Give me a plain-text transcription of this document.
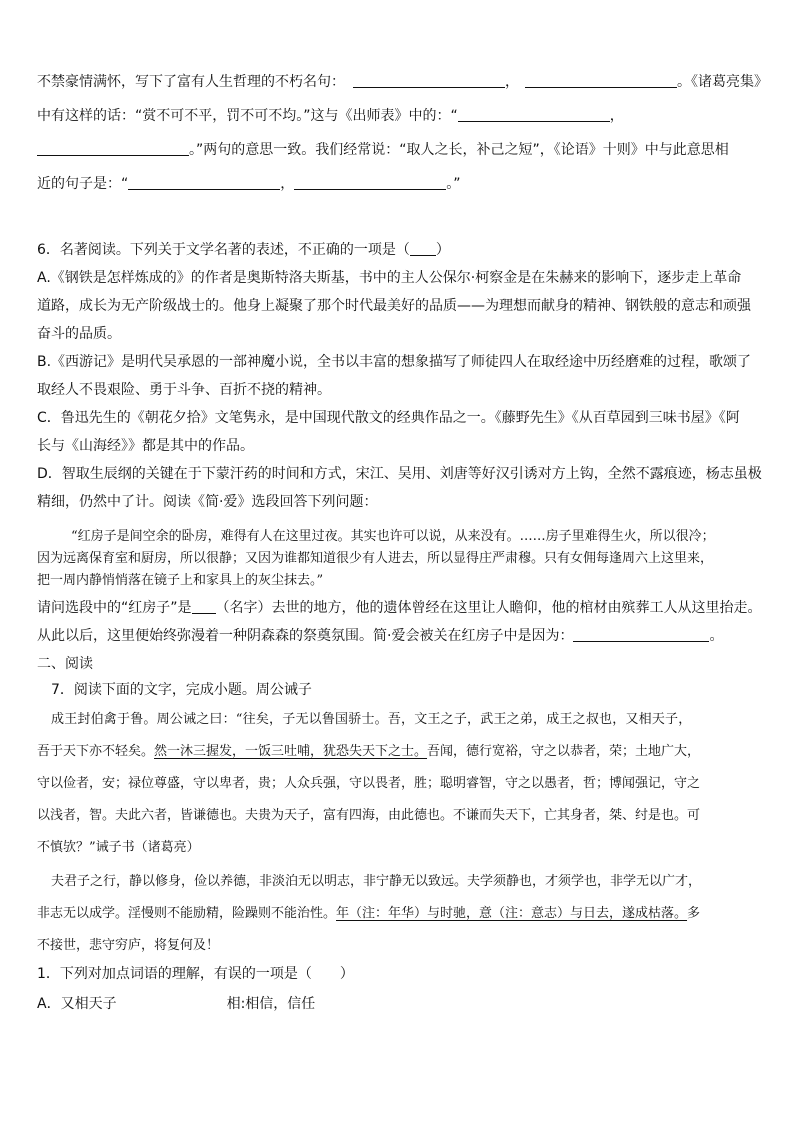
不禁豪情满怀，写下了富有人生哲理的不朽名句：	，	。《诸葛亮集》

中有这样的话：“赏不可不平，罚不可不均。”这与《出师表》中的：“	，

。”两句的意思一致。我们经常说：“取人之长，补己之短”，《论语》十则》中与此意思相

近的句子是：“	，	。”

6．名著阅读。下列关于文学名著的表述，不正确的一项是（ ）

A.《钢铁是怎样炼成的》的作者是奥斯特洛夫斯基，书中的主人公保尔·柯察金是在朱赫来的影响下，逐步走上革命

道路，成长为无产阶级战士的。他身上凝聚了那个时代最美好的品质——为理想而献身的精神、钢铁般的意志和顽强

奋斗的品质。

B.《西游记》是明代吴承恩的一部神魔小说，全书以丰富的想象描写了师徒四人在取经途中历经磨难的过程，歌颂了

取经人不畏艰险、勇于斗争、百折不挠的精神。

C．鲁迅先生的《朝花夕拾》文笔隽永，是中国现代散文的经典作品之一。《藤野先生》《从百草园到三味书屋》《阿

长与《山海经》》都是其中的作品。

D．智取生辰纲的关键在于下蒙汗药的时间和方式，宋江、吴用、刘唐等好汉引诱对方上钩，全然不露痕迹，杨志虽极

精细，仍然中了计。阅读《简·爱》选段回答下列问题：

“红房子是间空余的卧房，难得有人在这里过夜。其实也许可以说，从来没有。……房子里难得生火，所以很冷；

因为远离保育室和厨房，所以很静；又因为谁都知道很少有人进去，所以显得庄严肃穆。只有女佣每逢周六上这里来，

把一周内静悄悄落在镜子上和家具上的灰尘抹去。”

请问选段中的“红房子”是 （名字）去世的地方，他的遗体曾经在这里让人瞻仰，他的棺材由殡葬工人从这里抬走。

从此以后，这里便始终弥漫着一种阴森森的祭奠氛围。简·爱会被关在红房子中是因为：	。

二、阅读

7．阅读下面的文字，完成小题。周公诫子

成王封伯禽于鲁。周公诫之曰：“往矣，子无以鲁国骄士。吾，文王之子，武王之弟，成王之叔也，又相天子，

吾于天下亦不轻矣。然一沐三握发，一饭三吐哺，犹恐失天下之士。吾闻，德行宽裕，守之以恭者，荣；土地广大，

守以俭者，安；禄位尊盛，守以卑者，贵；人众兵强，守以畏者，胜；聪明睿智，守之以愚者，哲；博闻强记，守之

以浅者，智。夫此六者，皆谦德也。夫贵为天子，富有四海，由此德也。不谦而失天下，亡其身者，桀、纣是也。可

不慎欤？”诫子书（诸葛亮）

夫君子之行，静以修身，俭以养德，非淡泊无以明志，非宁静无以致远。夫学须静也，才须学也，非学无以广才，

非志无以成学。淫慢则不能励精，险躁则不能治性。年（注：年华）与时驰，意（注：意志）与日去，遂成枯落。多

不接世，悲守穷庐，将复何及！

1．下列对加点词语的理解，有误的一项是（ ）

A．又相天子	相:相信，信任
